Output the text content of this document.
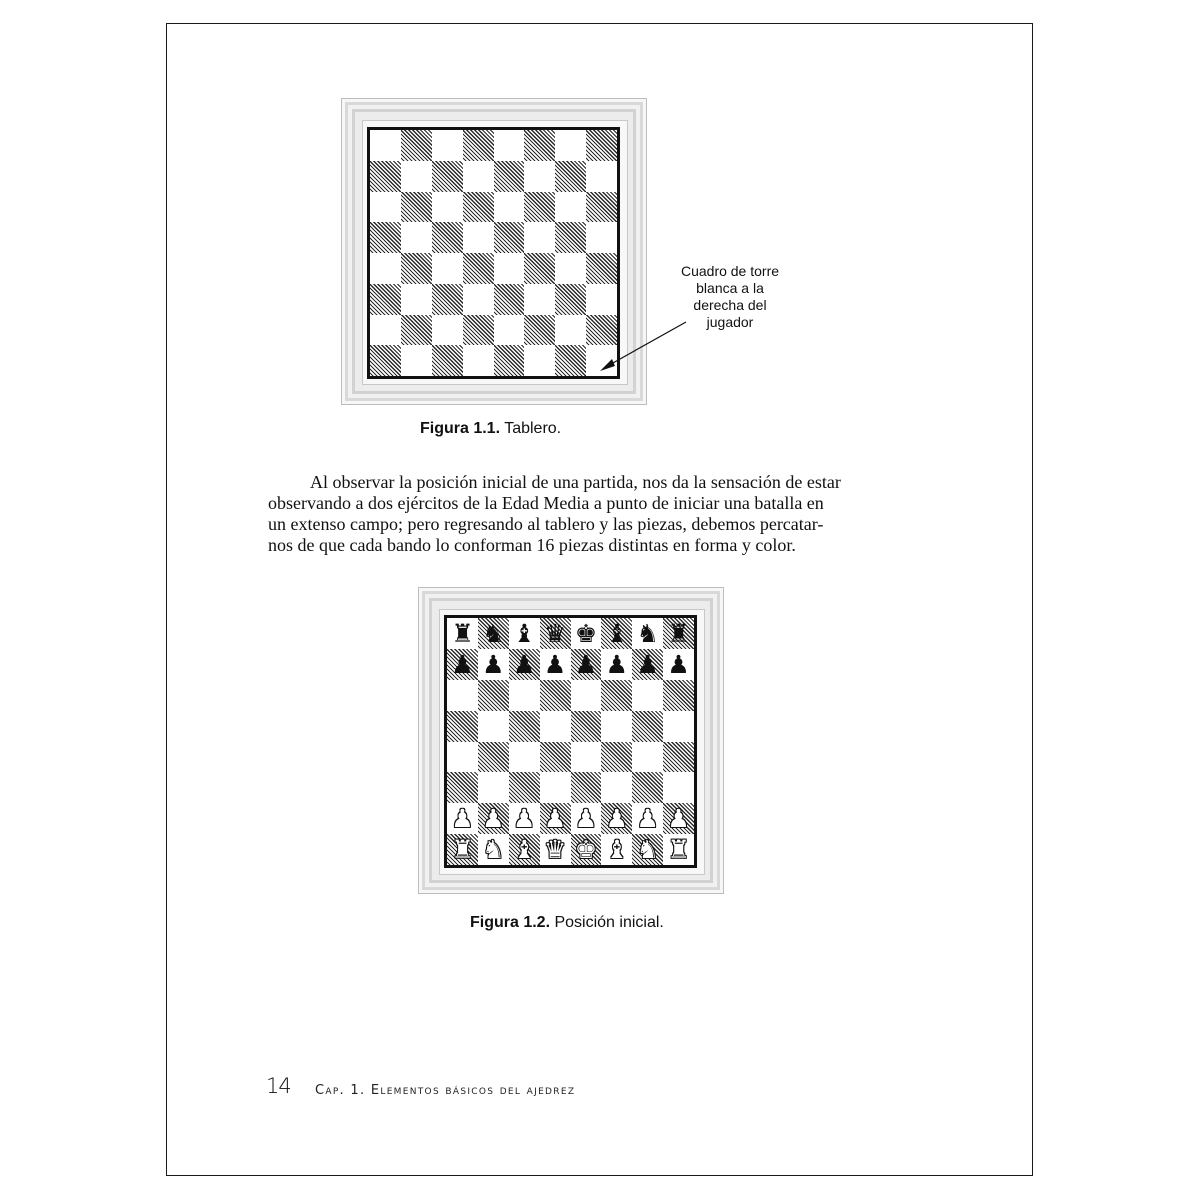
Cuadro de torre
blanca a la
derecha del
jugador
Figura 1.1. Tablero.
Al observar la posición inicial de una partida, nos da la sensación de estar
observando a dos ejércitos de la Edad Media a punto de iniciar una batalla en
un extenso campo; pero regresando al tablero y las piezas, debemos percatar-
nos de que cada bando lo conforman 16 piezas distintas en forma y color.
♜ ♞ ♝ ♛ ♚ ♝ ♞ ♜
♟ ♟ ♟ ♟ ♟ ♟ ♟ ♟
♟ ♟ ♟ ♟ ♟ ♟ ♟ ♟
♜ ♞ ♝ ♛ ♚ ♝ ♞ ♜
Figura 1.2. Posición inicial.
14 Cap. 1. Elementos básicos del ajedrez
